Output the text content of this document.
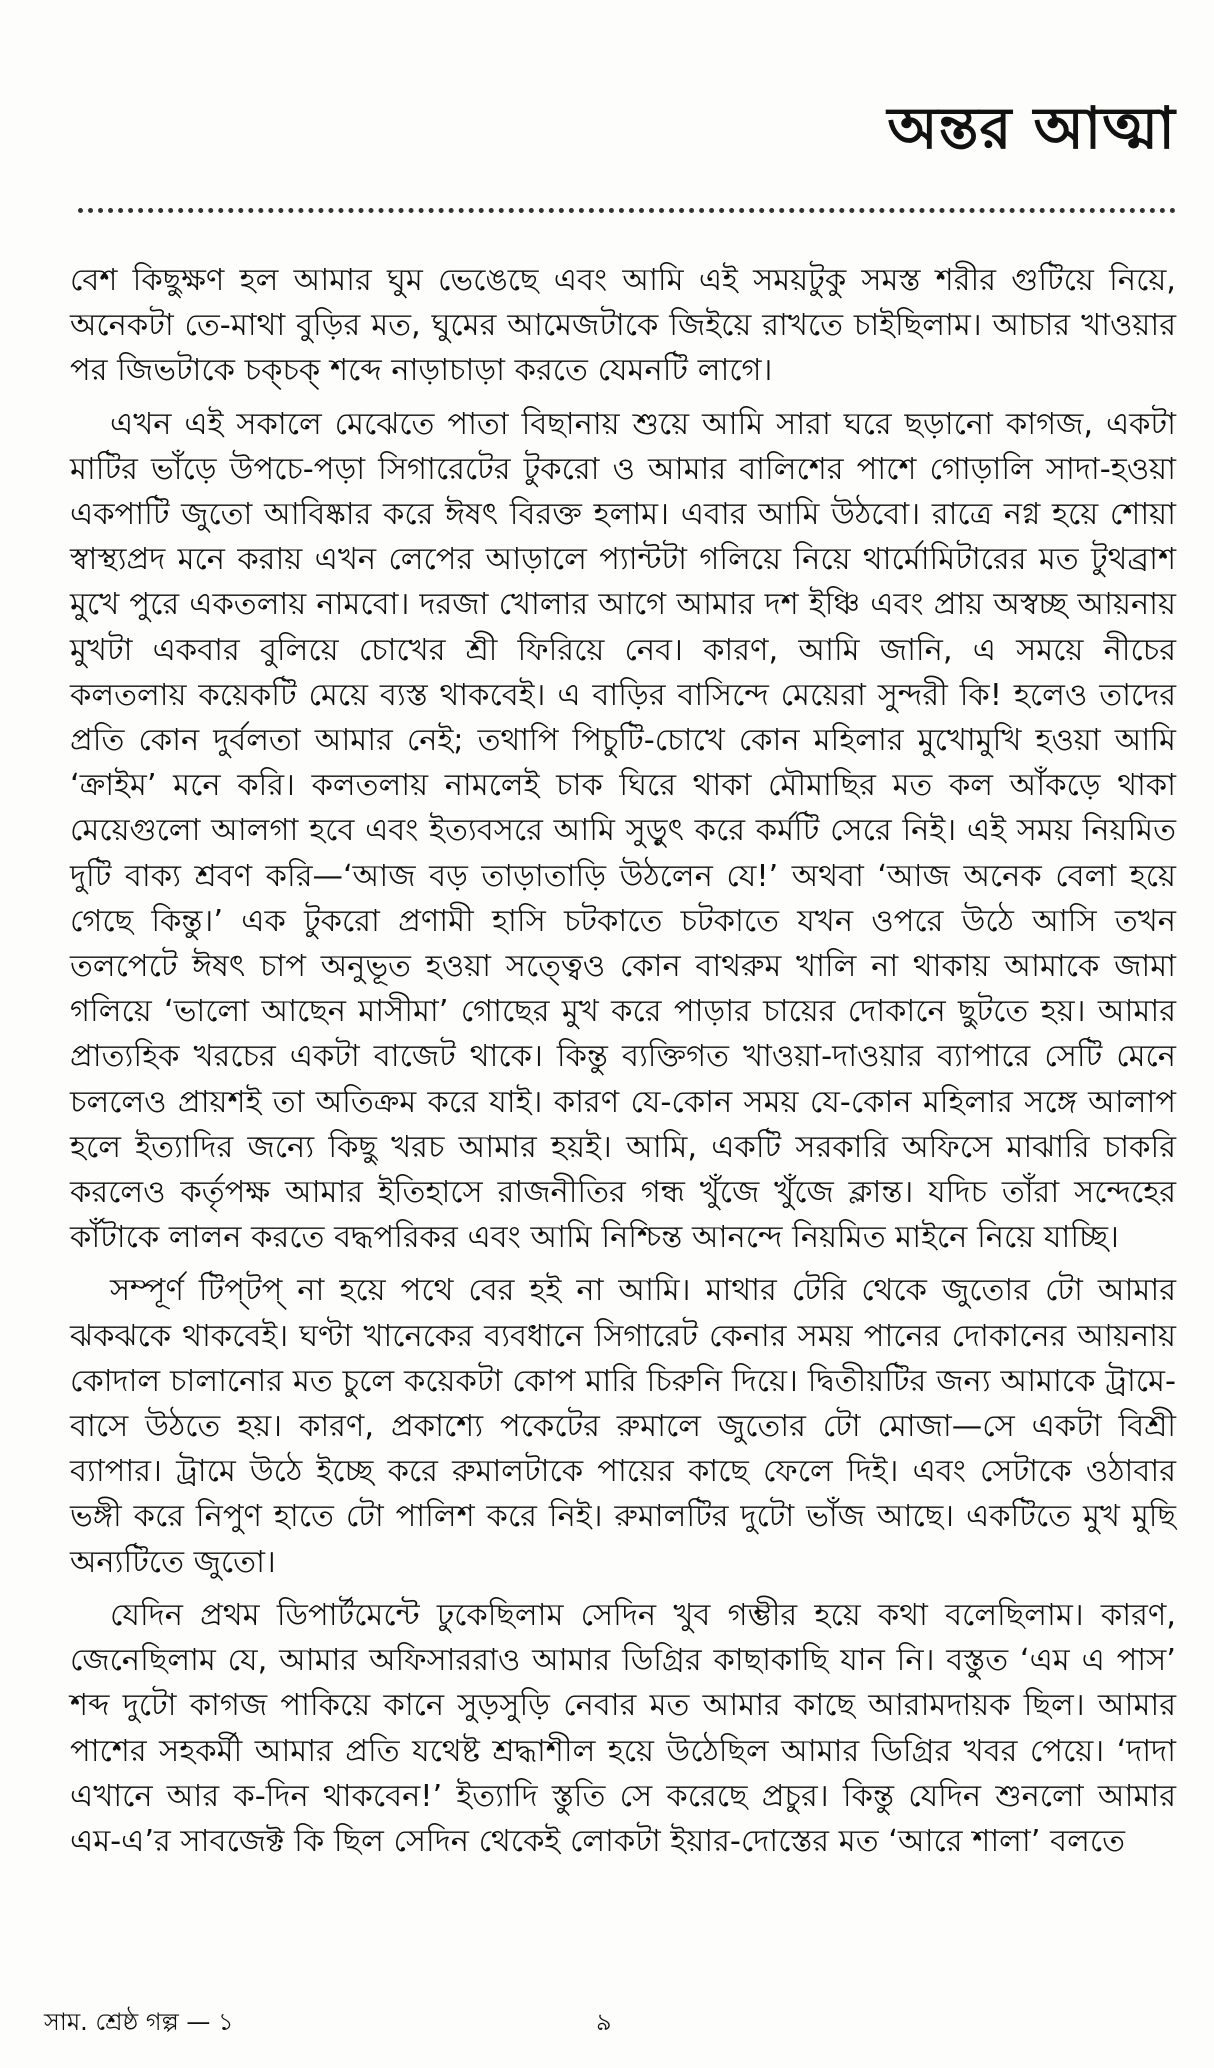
অন্তর আত্মা

বেশ কিছুক্ষণ হল আমার ঘুম ভেঙেছে এবং আমি এই সময়টুকু সমস্ত শরীর গুটিয়ে নিয়ে, অনেকটা তে-মাথা বুড়ির মত, ঘুমের আমেজটাকে জিইয়ে রাখতে চাইছিলাম। আচার খাওয়ার পর জিভটাকে চক্চক্ শব্দে নাড়াচাড়া করতে যেমনটি লাগে।

এখন এই সকালে মেঝেতে পাতা বিছানায় শুয়ে আমি সারা ঘরে ছড়ানো কাগজ, একটা মাটির ভাঁড়ে উপচে-পড়া সিগারেটের টুকরো ও আমার বালিশের পাশে গোড়ালি সাদা-হওয়া একপাটি জুতো আবিষ্কার করে ঈষৎ বিরক্ত হলাম। এবার আমি উঠবো। রাত্রে নগ্ন হয়ে শোয়া স্বাস্থ্যপ্রদ মনে করায় এখন লেপের আড়ালে প্যান্টটা গলিয়ে নিয়ে থার্মোমিটারের মত টুথব্রাশ মুখে পুরে একতলায় নামবো। দরজা খোলার আগে আমার দশ ইঞ্চি এবং প্রায় অস্বচ্ছ আয়নায় মুখটা একবার বুলিয়ে চোখের শ্রী ফিরিয়ে নেব। কারণ, আমি জানি, এ সময়ে নীচের কলতলায় কয়েকটি মেয়ে ব্যস্ত থাকবেই। এ বাড়ির বাসিন্দে মেয়েরা সুন্দরী কি! হলেও তাদের প্রতি কোন দুর্বলতা আমার নেই; তথাপি পিচুটি-চোখে কোন মহিলার মুখোমুখি হওয়া আমি ‘ক্রাইম’ মনে করি। কলতলায় নামলেই চাক ঘিরে থাকা মৌমাছির মত কল আঁকড়ে থাকা মেয়েগুলো আলগা হবে এবং ইত্যবসরে আমি সুড়ুৎ করে কর্মটি সেরে নিই। এই সময় নিয়মিত দুটি বাক্য শ্রবণ করি—‘আজ বড় তাড়াতাড়ি উঠলেন যে!’ অথবা ‘আজ অনেক বেলা হয়ে গেছে কিন্তু।’ এক টুকরো প্রণামী হাসি চটকাতে চটকাতে যখন ওপরে উঠে আসি তখন তলপেটে ঈষৎ চাপ অনুভূত হওয়া সত্ত্বেও কোন বাথরুম খালি না থাকায় আমাকে জামা গলিয়ে ‘ভালো আছেন মাসীমা’ গোছের মুখ করে পাড়ার চায়ের দোকানে ছুটতে হয়। আমার প্রাত্যহিক খরচের একটা বাজেট থাকে। কিন্তু ব্যক্তিগত খাওয়া-দাওয়ার ব্যাপারে সেটি মেনে চললেও প্রায়শই তা অতিক্রম করে যাই। কারণ যে-কোন সময় যে-কোন মহিলার সঙ্গে আলাপ হলে ইত্যাদির জন্যে কিছু খরচ আমার হয়ই। আমি, একটি সরকারি অফিসে মাঝারি চাকরি করলেও কর্তৃপক্ষ আমার ইতিহাসে রাজনীতির গন্ধ খুঁজে খুঁজে ক্লান্ত। যদিচ তাঁরা সন্দেহের কাঁটাকে লালন করতে বদ্ধপরিকর এবং আমি নিশ্চিন্ত আনন্দে নিয়মিত মাইনে নিয়ে যাচ্ছি।

সম্পূর্ণ টিপ্‌টপ্ না হয়ে পথে বের হই না আমি। মাথার টেরি থেকে জুতোর টো আমার ঝকঝকে থাকবেই। ঘণ্টা খানেকের ব্যবধানে সিগারেট কেনার সময় পানের দোকানের আয়নায় কোদাল চালানোর মত চুলে কয়েকটা কোপ মারি চিরুনি দিয়ে। দ্বিতীয়টির জন্য আমাকে ট্রামে-বাসে উঠতে হয়। কারণ, প্রকাশ্যে পকেটের রুমালে জুতোর টো মোজা—সে একটা বিশ্রী ব্যাপার। ট্রামে উঠে ইচ্ছে করে রুমালটাকে পায়ের কাছে ফেলে দিই। এবং সেটাকে ওঠাবার ভঙ্গী করে নিপুণ হাতে টো পালিশ করে নিই। রুমালটির দুটো ভাঁজ আছে। একটিতে মুখ মুছি অন্যটিতে জুতো।

যেদিন প্রথম ডিপার্টমেন্টে ঢুকেছিলাম সেদিন খুব গম্ভীর হয়ে কথা বলেছিলাম। কারণ, জেনেছিলাম যে, আমার অফিসাররাও আমার ডিগ্রির কাছাকাছি যান নি। বস্তুত ‘এম এ পাস’ শব্দ দুটো কাগজ পাকিয়ে কানে সুড়সুড়ি নেবার মত আমার কাছে আরামদায়ক ছিল। আমার পাশের সহকর্মী আমার প্রতি যথেষ্ট শ্রদ্ধাশীল হয়ে উঠেছিল আমার ডিগ্রির খবর পেয়ে। ‘দাদা এখানে আর ক-দিন থাকবেন!’ ইত্যাদি স্তুতি সে করেছে প্রচুর। কিন্তু যেদিন শুনলো আমার এম-এ’র সাবজেক্ট কি ছিল সেদিন থেকেই লোকটা ইয়ার-দোস্তের মত ‘আরে শালা’ বলতে

সাম. শ্রেষ্ঠ গল্প — ১	৯
